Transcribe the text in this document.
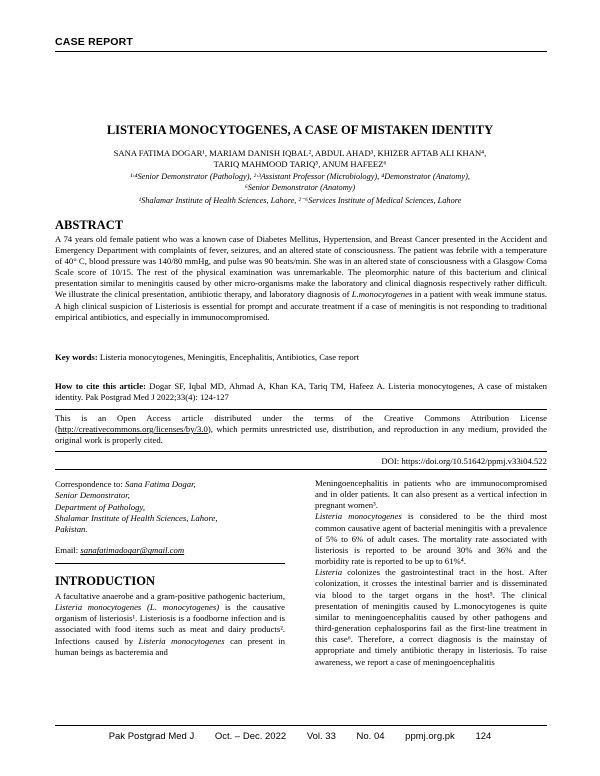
CASE REPORT
LISTERIA MONOCYTOGENES, A CASE OF MISTAKEN IDENTITY
SANA FATIMA DOGAR¹, MARIAM DANISH IQBAL², ABDUL AHAD³, KHIZER AFTAB ALI KHAN⁴,
TARIQ MAHMOOD TARIQ⁵, ANUM HAFEEZ⁶
¹·⁴Senior Demonstrator (Pathology), ²·³Assistant Professor (Microbiology), ⁴Demonstrator (Anatomy),
⁶Senior Demonstrator (Anatomy)
¹Shalamar Institute of Health Sciences, Lahore, ²⁻⁶Services Institute of Medical Sciences, Lahore
ABSTRACT
A 74 years old female patient who was a known case of Diabetes Mellitus, Hypertension, and Breast Cancer presented in the Accident and Emergency Department with complaints of fever, seizures, and an altered state of consciousness. The patient was febrile with a temperature of 40° C, blood pressure was 140/80 mmHg, and pulse was 90 beats/min. She was in an altered state of consciousness with a Glasgow Coma Scale score of 10/15. The rest of the physical examination was unremarkable. The pleomorphic nature of this bacterium and clinical presentation similar to meningitis caused by other micro-organisms make the laboratory and clinical diagnosis respectively rather difficult. We illustrate the clinical presentation, antibiotic therapy, and laboratory diagnosis of L.monocytogenes in a patient with weak immune status. A high clinical suspicion of Listeriosis is essential for prompt and accurate treatment if a case of meningitis is not responding to traditional empirical antibiotics, and especially in immunocompromised.
Key words: Listeria monocytogenes, Meningitis, Encephalitis, Antibiotics, Case report
How to cite this article: Dogar SF, Iqbal MD, Ahmad A, Khan KA, Tariq TM, Hafeez A. Listeria monocytogenes, A case of mistaken identity. Pak Postgrad Med J 2022;33(4): 124-127
This is an Open Access article distributed under the terms of the Creative Commons Attribution License (http://creativecommons.org/licenses/by/3.0), which permits unrestricted use, distribution, and reproduction in any medium, provided the original work is properly cited.
DOI: https://doi.org/10.51642/ppmj.v33i04.522
Correspondence to: Sana Fatima Dogar,
Senior Demonstrator,
Department of Pathology,
Shalamar Institute of Health Sciences, Lahore,
Pakistan.
Email: sanafatimadogar@gmail.com
INTRODUCTION
A facultative anaerobe and a gram-positive pathogenic bacterium, Listeria monocytogenes (L. monocytogenes) is the causative organism of listeriosis¹. Listeriosis is a foodborne infection and is associated with food items such as meat and dairy products². Infections caused by Listeria monocytogenes can present in human beings as bacteremia and
Meningoencephalitis in patients who are immunocompromised and in older patients. It can also present as a vertical infection in pregnant women³.
Listeria monocytogenes is considered to be the third most common causative agent of bacterial meningitis with a prevalence of 5% to 6% of adult cases. The mortality rate associated with listeriosis is reported to be around 30% and 36% and the morbidity rate is reported to be up to 61%⁴.
Listeria colonizes the gastrointestinal tract in the host. After colonization, it crosses the intestinal barrier and is disseminated via blood to the target organs in the host⁵. The clinical presentation of meningitis caused by L.monocytogenes is quite similar to meningoencephalitis caused by other pathogens and third-generation cephalosporins fail as the first-line treatment in this case⁶. Therefore, a correct diagnosis is the mainstay of appropriate and timely antibiotic therapy in listeriosis. To raise awareness, we report a case of meningoencephalitis
Pak Postgrad Med J Oct. – Dec. 2022 Vol. 33 No. 04 ppmj.org.pk 124
